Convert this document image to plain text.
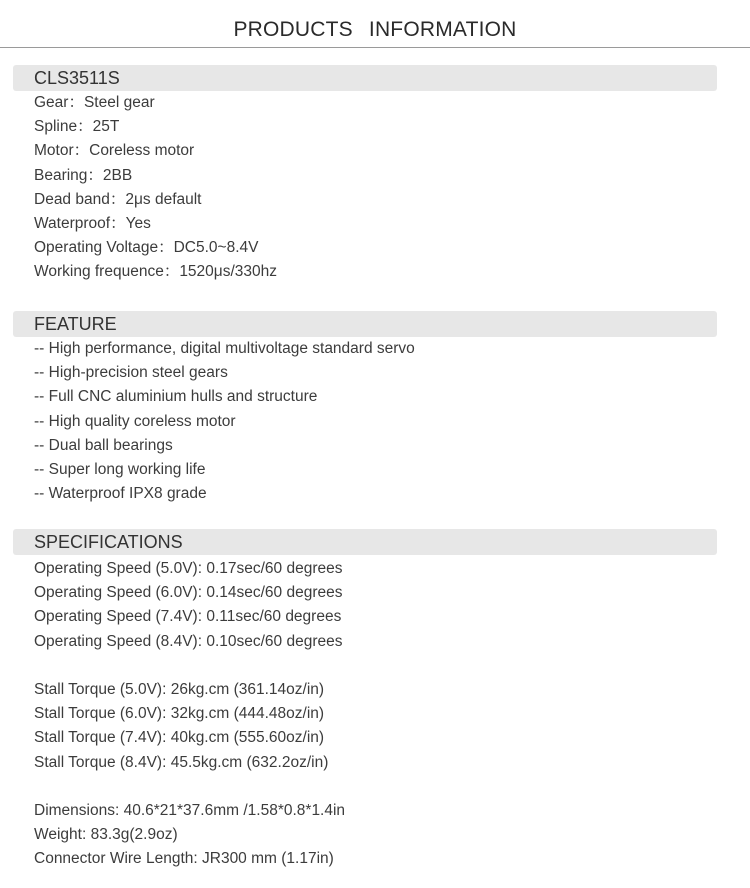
PRODUCTS INFORMATION
CLS3511S
Gear：Steel gear
Spline：25T
Motor：Coreless motor
Bearing：2BB
Dead band：2μs default
Waterproof：Yes
Operating Voltage：DC5.0~8.4V
Working frequence：1520μs/330hz
FEATURE
-- High performance, digital multivoltage standard servo
-- High-precision steel gears
-- Full CNC aluminium hulls and structure
-- High quality coreless motor
-- Dual ball bearings
-- Super long working life
-- Waterproof IPX8 grade
SPECIFICATIONS
Operating Speed (5.0V): 0.17sec/60 degrees
Operating Speed (6.0V): 0.14sec/60 degrees
Operating Speed (7.4V): 0.11sec/60 degrees
Operating Speed (8.4V): 0.10sec/60 degrees
Stall Torque (5.0V): 26kg.cm (361.14oz/in)
Stall Torque (6.0V): 32kg.cm (444.48oz/in)
Stall Torque (7.4V): 40kg.cm (555.60oz/in)
Stall Torque (8.4V): 45.5kg.cm (632.2oz/in)
Dimensions: 40.6*21*37.6mm /1.58*0.8*1.4in
Weight: 83.3g(2.9oz)
Connector Wire Length: JR300 mm (1.17in)
